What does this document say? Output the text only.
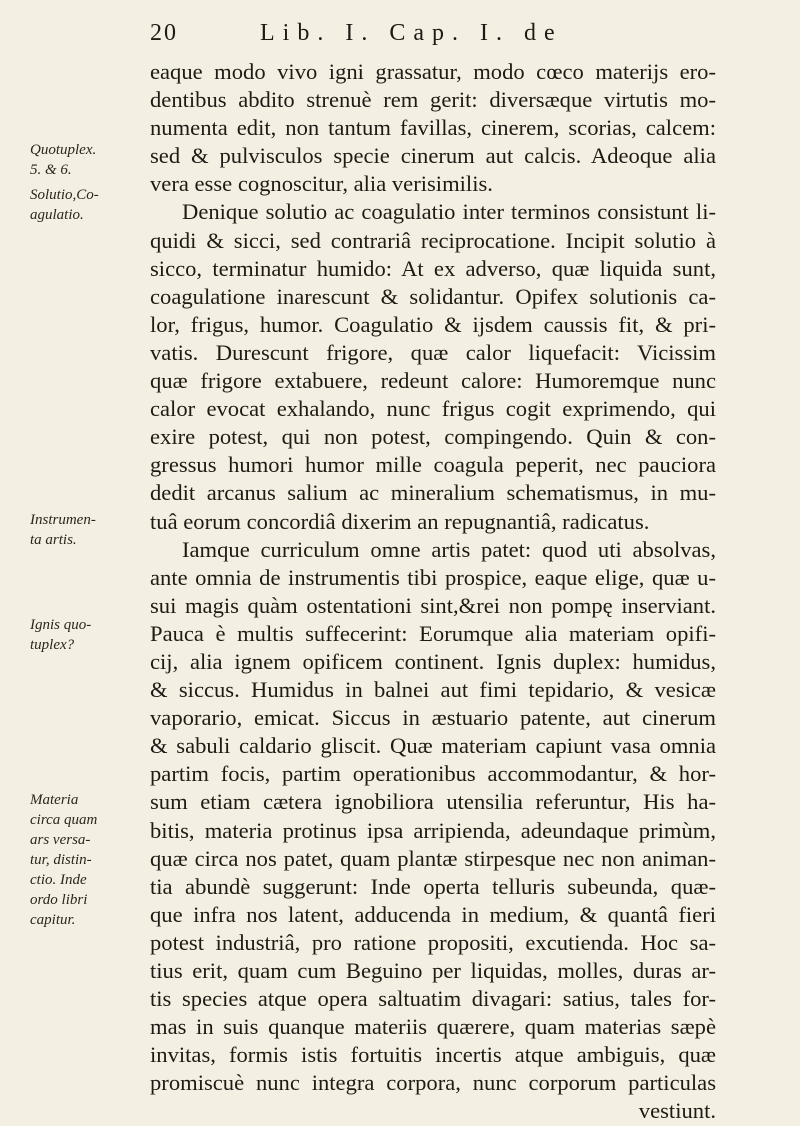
20	Lib. I. Cap. I. de
Quotuplex.
5. & 6.
Solutio,Co-
agulatio.
Instrumen-
ta artis.
Ignis quo-
tuplex?
Materia
circa quam
ars versa-
tur, distin-
ctio. Inde
ordo libri
capitur.
eaque modo vivo igni grassatur, modo cœco materijs ero-
dentibus abdito strenuè rem gerit: diversæque virtutis mo-
numenta edit, non tantum favillas, cinerem, scorias, calcem:
sed & pulvisculos specie cinerum aut calcis. Adeoque alia
vera esse cognoscitur, alia verisimilis.
Denique solutio ac coagulatio inter terminos consistunt li-
quidi & sicci, sed contrariâ reciprocatione. Incipit solutio à
sicco, terminatur humido: At ex adverso, quæ liquida sunt,
coagulatione inarescunt & solidantur. Opifex solutionis ca-
lor, frigus, humor. Coagulatio & ijsdem caussis fit, & pri-
vatis. Durescunt frigore, quæ calor liquefacit: Vicissim
quæ frigore extabuere, redeunt calore: Humoremque nunc
calor evocat exhalando, nunc frigus cogit exprimendo, qui
exire potest, qui non potest, compingendo. Quin & con-
gressus humori humor mille coagula peperit, nec pauciora
dedit arcanus salium ac mineralium schematismus, in mu-
tuâ eorum concordiâ dixerim an repugnantiâ, radicatus.
Iamque curriculum omne artis patet: quod uti absolvas,
ante omnia de instrumentis tibi prospice, eaque elige, quæ u-
sui magis quàm ostentationi sint,&rei non pompę inserviant.
Pauca è multis suffecerint: Eorumque alia materiam opifi-
cij, alia ignem opificem continent. Ignis duplex: humidus,
& siccus. Humidus in balnei aut fimi tepidario, & vesicæ
vaporario, emicat. Siccus in æstuario patente, aut cinerum
& sabuli caldario gliscit. Quæ materiam capiunt vasa omnia
partim focis, partim operationibus accommodantur, & hor-
sum etiam cætera ignobiliora utensilia referuntur, His ha-
bitis, materia protinus ipsa arripienda, adeundaque primùm,
quæ circa nos patet, quam plantæ stirpesque nec non animan-
tia abundè suggerunt: Inde operta telluris subeunda, quæ-
que infra nos latent, adducenda in medium, & quantâ fieri
potest industriâ, pro ratione propositi, excutienda. Hoc sa-
tius erit, quam cum Beguino per liquidas, molles, duras ar-
tis species atque opera saltuatim divagari: satius, tales for-
mas in suis quanque materiis quærere, quam materias sæpè
invitas, formis istis fortuitis incertis atque ambiguis, quæ
promiscuè nunc integra corpora, nunc corporum particulas
vestiunt.
